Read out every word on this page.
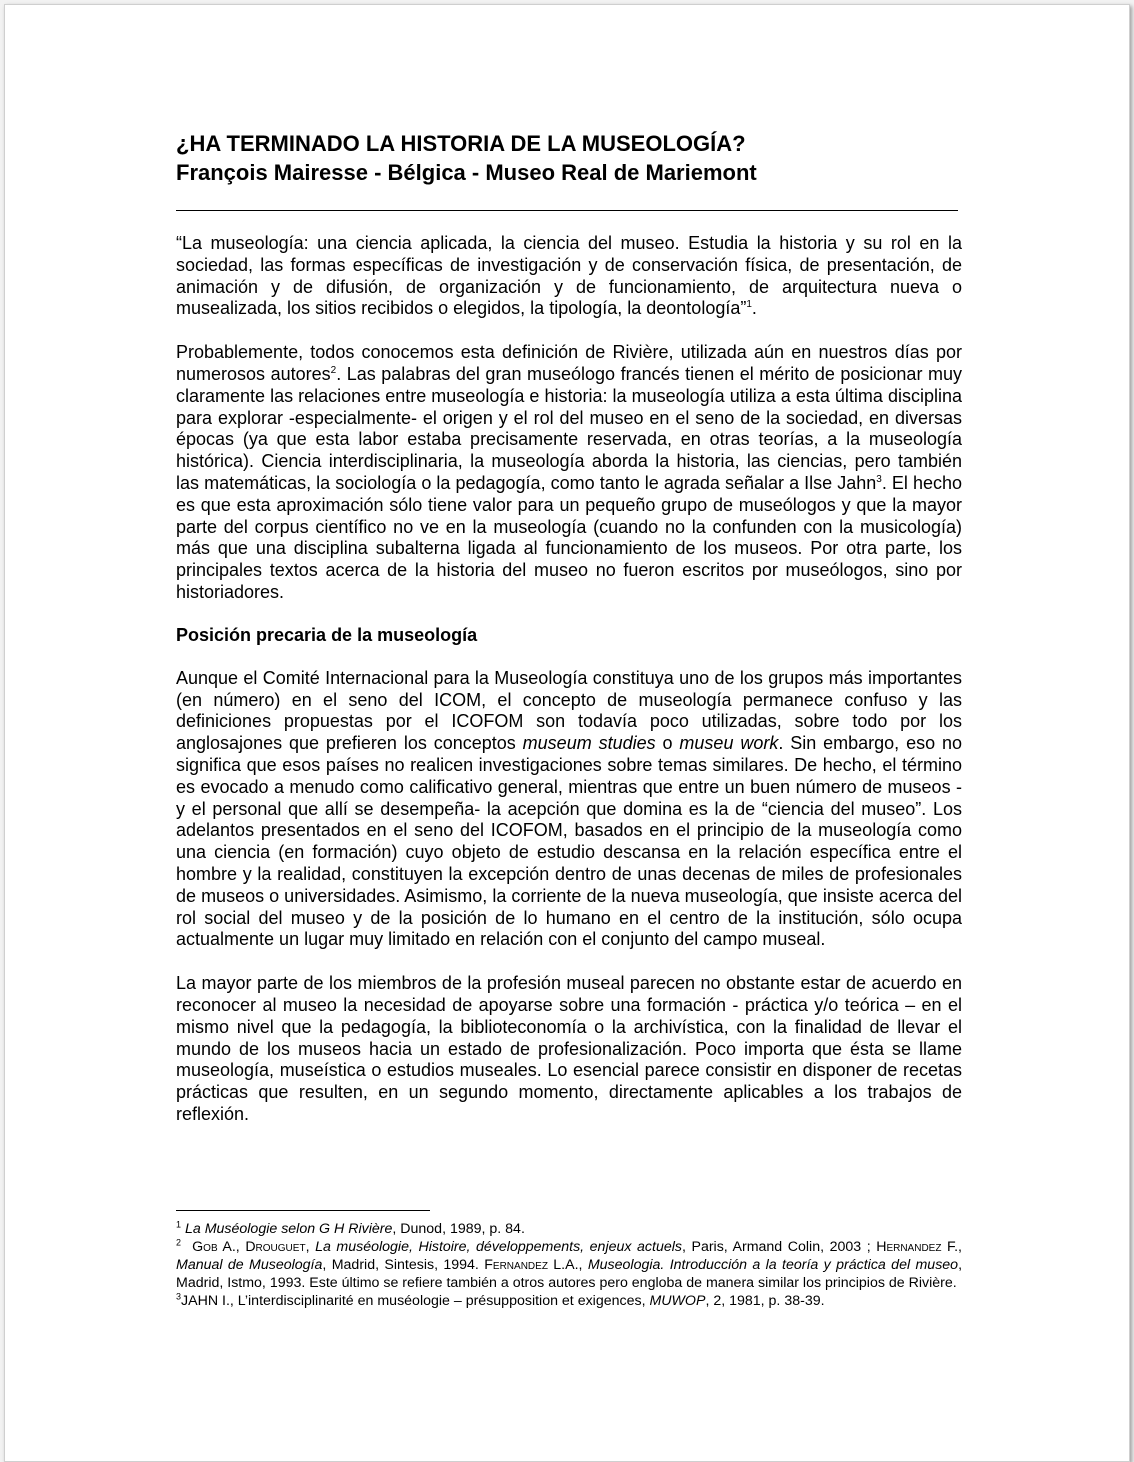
¿HA TERMINADO LA HISTORIA DE LA MUSEOLOGÍA?
François Mairesse - Bélgica - Museo Real de Mariemont

“La museología: una ciencia aplicada, la ciencia del museo. Estudia la historia y su rol en la sociedad, las formas específicas de investigación y de conservación física, de presentación, de animación y de difusión, de organización y de funcionamiento, de arquitectura nueva o musealizada, los sitios recibidos o elegidos, la tipología, la deontología”$^1$.

Probablemente, todos conocemos esta definición de Rivière, utilizada aún en nuestros días por numerosos autores$^2$. Las palabras del gran museólogo francés tienen el mérito de posicionar muy claramente las relaciones entre museología e historia: la museología utiliza a esta última disciplina para explorar -especialmente- el origen y el rol del museo en el seno de la sociedad, en diversas épocas (ya que esta labor estaba precisamente reservada, en otras teorías, a la museología histórica). Ciencia interdisciplinaria, la museología aborda la historia, las ciencias, pero también las matemáticas, la sociología o la pedagogía, como tanto le agrada señalar a Ilse Jahn$^3$. El hecho es que esta aproximación sólo tiene valor para un pequeño grupo de museólogos y que la mayor parte del corpus científico no ve en la museología (cuando no la confunden con la musicología) más que una disciplina subalterna ligada al funcionamiento de los museos. Por otra parte, los principales textos acerca de la historia del museo no fueron escritos por museólogos, sino por historiadores.

Posición precaria de la museología

Aunque el Comité Internacional para la Museología constituya uno de los grupos más importantes (en número) en el seno del ICOM, el concepto de museología permanece confuso y las definiciones propuestas por el ICOFOM son todavía poco utilizadas, sobre todo por los anglosajones que prefieren los conceptos museum studies o museu work. Sin embargo, eso no significa que esos países no realicen investigaciones sobre temas similares. De hecho, el término es evocado a menudo como calificativo general, mientras que entre un buen número de museos -y el personal que allí se desempeña- la acepción que domina es la de “ciencia del museo”. Los adelantos presentados en el seno del ICOFOM, basados en el principio de la museología como una ciencia (en formación) cuyo objeto de estudio descansa en la relación específica entre el hombre y la realidad, constituyen la excepción dentro de unas decenas de miles de profesionales de museos o universidades. Asimismo, la corriente de la nueva museología, que insiste acerca del rol social del museo y de la posición de lo humano en el centro de la institución, sólo ocupa actualmente un lugar muy limitado en relación con el conjunto del campo museal.

La mayor parte de los miembros de la profesión museal parecen no obstante estar de acuerdo en reconocer al museo la necesidad de apoyarse sobre una formación - práctica y/o teórica – en el mismo nivel que la pedagogía, la biblioteconomía o la archivística, con la finalidad de llevar el mundo de los museos hacia un estado de profesionalización. Poco importa que ésta se llame museología, museística o estudios museales. Lo esencial parece consistir en disponer de recetas prácticas que resulten, en un segundo momento, directamente aplicables a los trabajos de reflexión.

$^1$ La Muséologie selon G H Rivière, Dunod, 1989, p. 84.

$^2$ Gob A., Drouguet, La muséologie, Histoire, développements, enjeux actuels, Paris, Armand Colin, 2003 ; Hernandez F., Manual de Museología, Madrid, Sintesis, 1994. Fernandez L.A., Museologia. Introducción a la teoría y práctica del museo, Madrid, Istmo, 1993. Este último se refiere también a otros autores pero engloba de manera similar los principios de Rivière.

$^3$JAHN I., L’interdisciplinarité en muséologie – présupposition et exigences, MUWOP, 2, 1981, p. 38-39.
